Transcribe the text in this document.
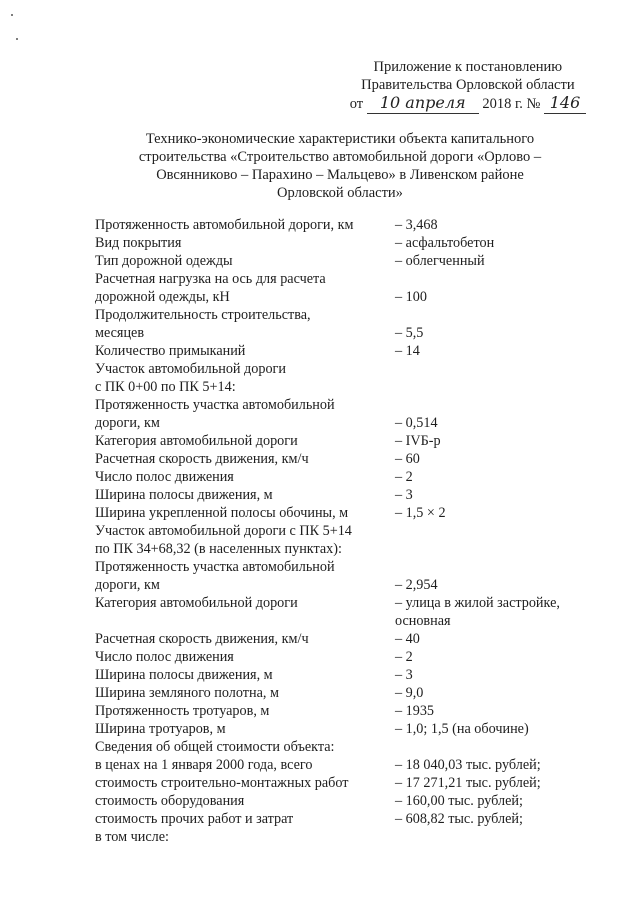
Приложение к постановлению
Правительства Орловской области
от 10 апреля 2018 г. № 146
Технико-экономические характеристики объекта капитального
строительства «Строительство автомобильной дороги «Орлово –
Овсянниково – Парахино – Мальцево» в Ливенском районе
Орловской области»
Протяженность автомобильной дороги, км	– 3,468
Вид покрытия	– асфальтобетон
Тип дорожной одежды	– облегченный
Расчетная нагрузка на ось для расчета
дорожной одежды, кН	– 100
Продолжительность строительства,
месяцев	– 5,5
Количество примыканий	– 14
Участок автомобильной дороги
с ПК 0+00 по ПК 5+14:
Протяженность участка автомобильной
дороги, км	– 0,514
Категория автомобильной дороги	– IVБ-р
Расчетная скорость движения, км/ч	– 60
Число полос движения	– 2
Ширина полосы движения, м	– 3
Ширина укрепленной полосы обочины, м	– 1,5 × 2
Участок автомобильной дороги с ПК 5+14
по ПК 34+68,32 (в населенных пунктах):
Протяженность участка автомобильной
дороги, км	– 2,954
Категория автомобильной дороги	– улица в жилой застройке,
основная
Расчетная скорость движения, км/ч	– 40
Число полос движения	– 2
Ширина полосы движения, м	– 3
Ширина земляного полотна, м	– 9,0
Протяженность тротуаров, м	– 1935
Ширина тротуаров, м	– 1,0; 1,5 (на обочине)
Сведения об общей стоимости объекта:
в ценах на 1 января 2000 года, всего	– 18 040,03 тыс. рублей;
стоимость строительно-монтажных работ	– 17 271,21 тыс. рублей;
стоимость оборудования	– 160,00 тыс. рублей;
стоимость прочих работ и затрат	– 608,82 тыс. рублей;
в том числе:
